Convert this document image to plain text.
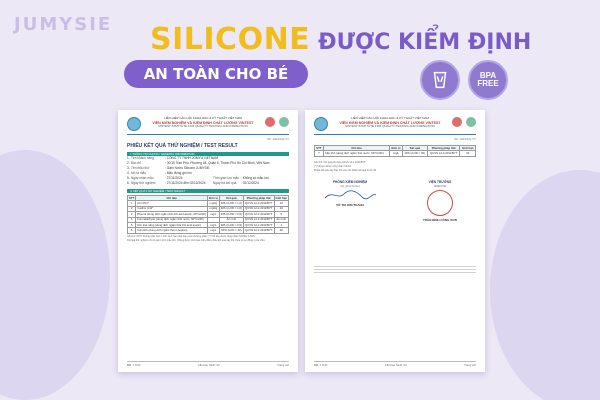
JUMYSIE SILICONE ĐƯỢC KIỂM ĐỊNH
AN TOÀN CHO BÉ	BPA FREE
LIÊN HIỆP CÁC HỘI KHOA HỌC & KỸ THUẬT VIỆT NAM
VIỆN KIỂM NGHIỆM VÀ KIỂM ĐỊNH CHẤT LƯỢNG VINTEST
VINTEST INSTITUTE FOR QUALITY TESTING AND INSPECTION
Số: 1024/KQ-VT
PHIẾU KẾT QUẢ THỬ NGHIỆM / TEST RESULT
I. THÔNG TIN CHUNG / GENERAL INFORMATION
1. Tên khách hàng	: CÔNG TY TNHH JOMYU VIETNAM
2. Địa chỉ	: 00/15 Trần Phú, Phường 04, Quận 5, Thành Phố Hồ Chí Minh, Việt Nam
3. Tên mẫu thử	: Gặm Nướu Silicone JUMYSIE
4. Mô tả mẫu	: Mẫu đựng gói kín
5. Ngày nhận mẫu	: 27/11/2024	Thời gian lưu mẫu : Không có mẫu lưu
6. Ngày thử nghiệm	: 27/11/2024 đến 02/12/2024	Ngày trả kết quả	: 02/12/2024
II. KẾT QUẢ THỬ NGHIỆM / TEST RESULT
STT	Chỉ tiêu	Đơn vị	Kết quả	Phương pháp thử	Giới hạn
1	Chì (Pb)*	mg/kg	KPH (LOD = 1,0)	QCVN 12-1:2011/BYT	10
2	Cadimi (Cd)*	mg/kg	KPH (LOD = 1,0)	QCVN 12-1:2011/BYT	10
3	Phenol (dung dịch ngâm thôi 4% acid acetic, 60°C/24h)	mg/L	KPH (LOD = 0,5)	QCVN 12-1:2011/BYT	5
4	Formaldehyde (dung dịch ngâm thôi nước, 60°C/24h)	-	Âm tính	QCVN 12-1:2011/BYT	Âm tính
5	Kim loại nặng (dung dịch ngâm thôi 4% acid acetic)	mg/L	KPH (LOD = 0,5)	QCVN 12-1:2011/BYT	1
6	Cặn khô (dung dịch ngâm thôi n-heptan)	mg/L	KPH (LOD = 30)	QCVN 12-1:2011/BYT	30
Ghi chú: KPH: Không phát hiện; LOD: Giới hạn phát hiện của phương pháp; (*) Chỉ tiêu được công nhận ISO/IEC 17025.
Kết quả thử nghiệm chỉ có giá trị trên mẫu thử. Không được trích sao một phần phiếu kết quả này khi chưa có sự đồng ý của Viện.
BM: 7.8-01	Lần ban hành: 02	Trang 1/2
LIÊN HIỆP CÁC HỘI KHOA HỌC & KỸ THUẬT VIỆT NAM
VIỆN KIỂM NGHIỆM VÀ KIỂM ĐỊNH CHẤT LƯỢNG VINTEST
VINTEST INSTITUTE FOR QUALITY TESTING AND INSPECTION
Số: 1024/KQ-VT
STT	Chỉ tiêu	Đơn vị	Kết quả	Phương pháp thử	Giới hạn
7	Cặn khô (dung dịch ngâm thôi nước, 60°C/24h)	mg/L	KPH (LOD = 30)	QCVN 12-1:2011/BYT	30
Ghi chú: Kết quả phù hợp QCVN 12-1:2011/BYT.
(*) Chỉ tiêu được công nhận VILAS.
Phiếu kết quả này thay thế cho các phiếu kết quả trước đó.
PHÒNG KIỂM NGHIỆM
(Ký, ghi rõ họ tên)
VÕ THỊ KIM THANH
VIỆN TRƯỞNG
DIRECTOR
TRẦN ĐÌNH CÔNG SƠN
BM: 7.8-01	Lần ban hành: 02	Trang 2/2
